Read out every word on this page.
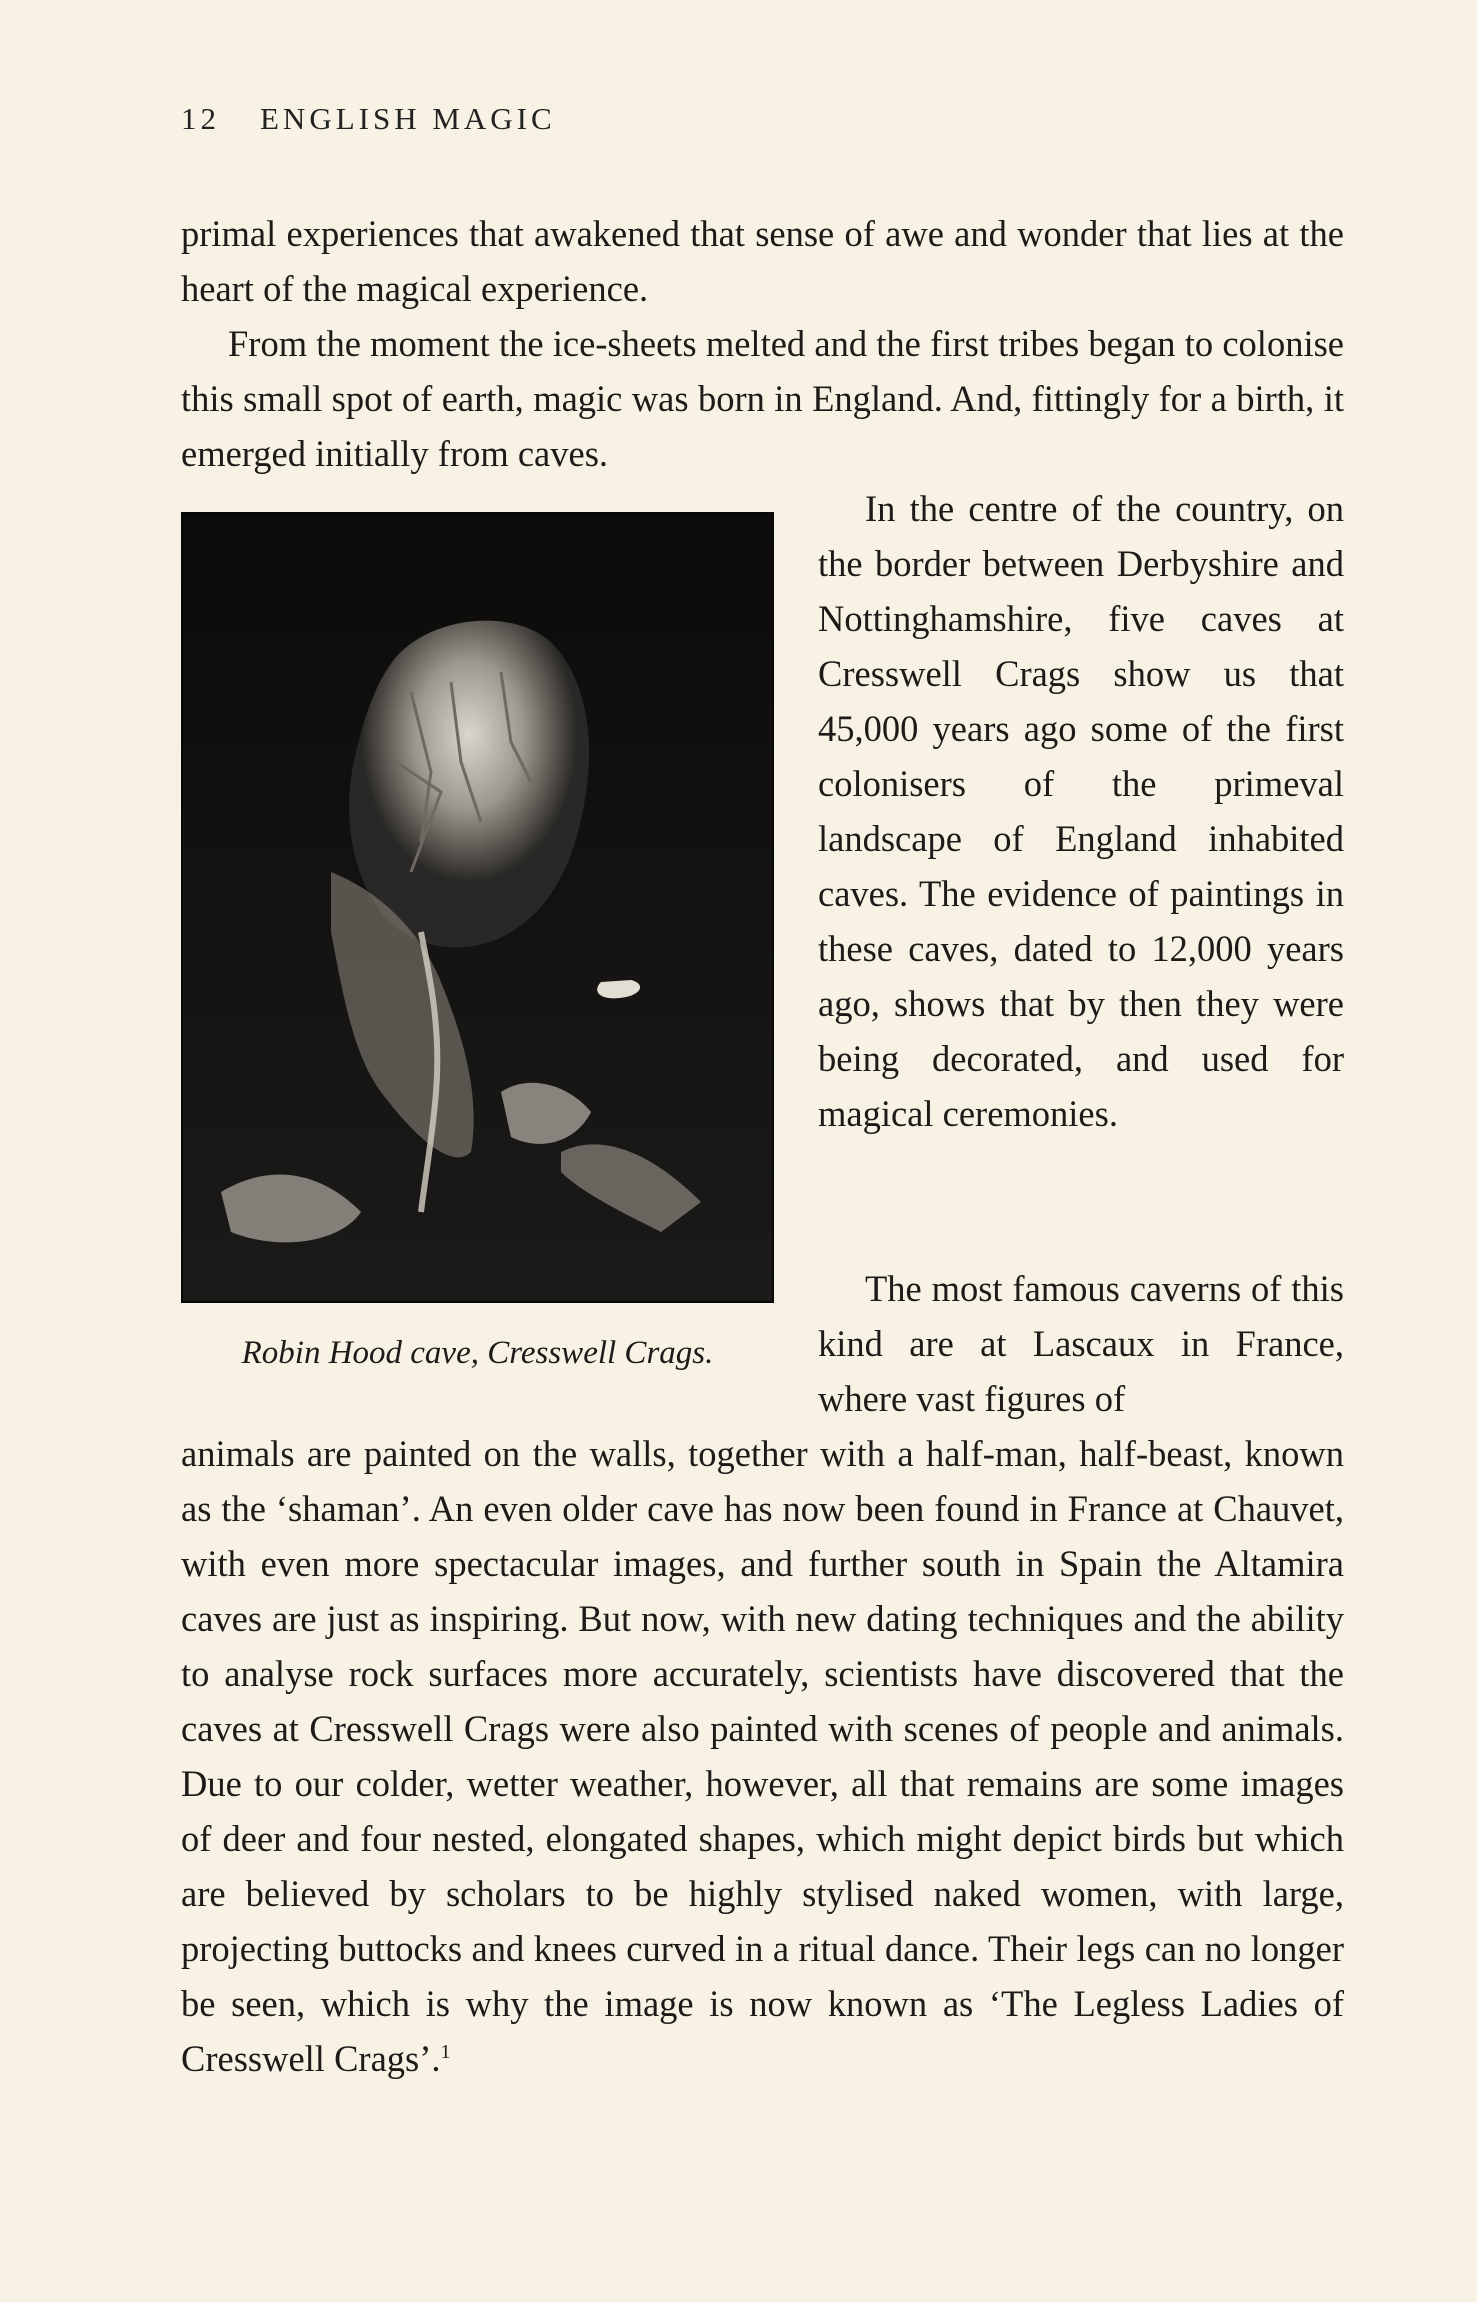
12 ENGLISH MAGIC

primal experiences that awakened that sense of awe and wonder that lies at the heart of the magical experience.

From the moment the ice-sheets melted and the first tribes began to colonise this small spot of earth, magic was born in England. And, fittingly for a birth, it emerged initially from caves.

Robin Hood cave, Cresswell Crags.

In the centre of the country, on the border between Derbyshire and Nottinghamshire, five caves at Cresswell Crags show us that 45,000 years ago some of the first colonisers of the primeval landscape of England inhabited caves. The evidence of paintings in these caves, dated to 12,000 years ago, shows that by then they were being decorated, and used for magical ceremonies.

The most famous caverns of this kind are at Lascaux in France, where vast figures of

animals are painted on the walls, together with a half-man, half-beast, known as the ‘shaman’. An even older cave has now been found in France at Chauvet, with even more spectacular images, and further south in Spain the Altamira caves are just as inspiring. But now, with new dating techniques and the ability to analyse rock surfaces more accurately, scientists have discovered that the caves at Cresswell Crags were also painted with scenes of people and animals. Due to our colder, wetter weather, however, all that remains are some images of deer and four nested, elongated shapes, which might depict birds but which are believed by scholars to be highly stylised naked women, with large, projecting buttocks and knees curved in a ritual dance. Their legs can no longer be seen, which is why the image is now known as ‘The Legless Ladies of Cresswell Crags’.$^1$
